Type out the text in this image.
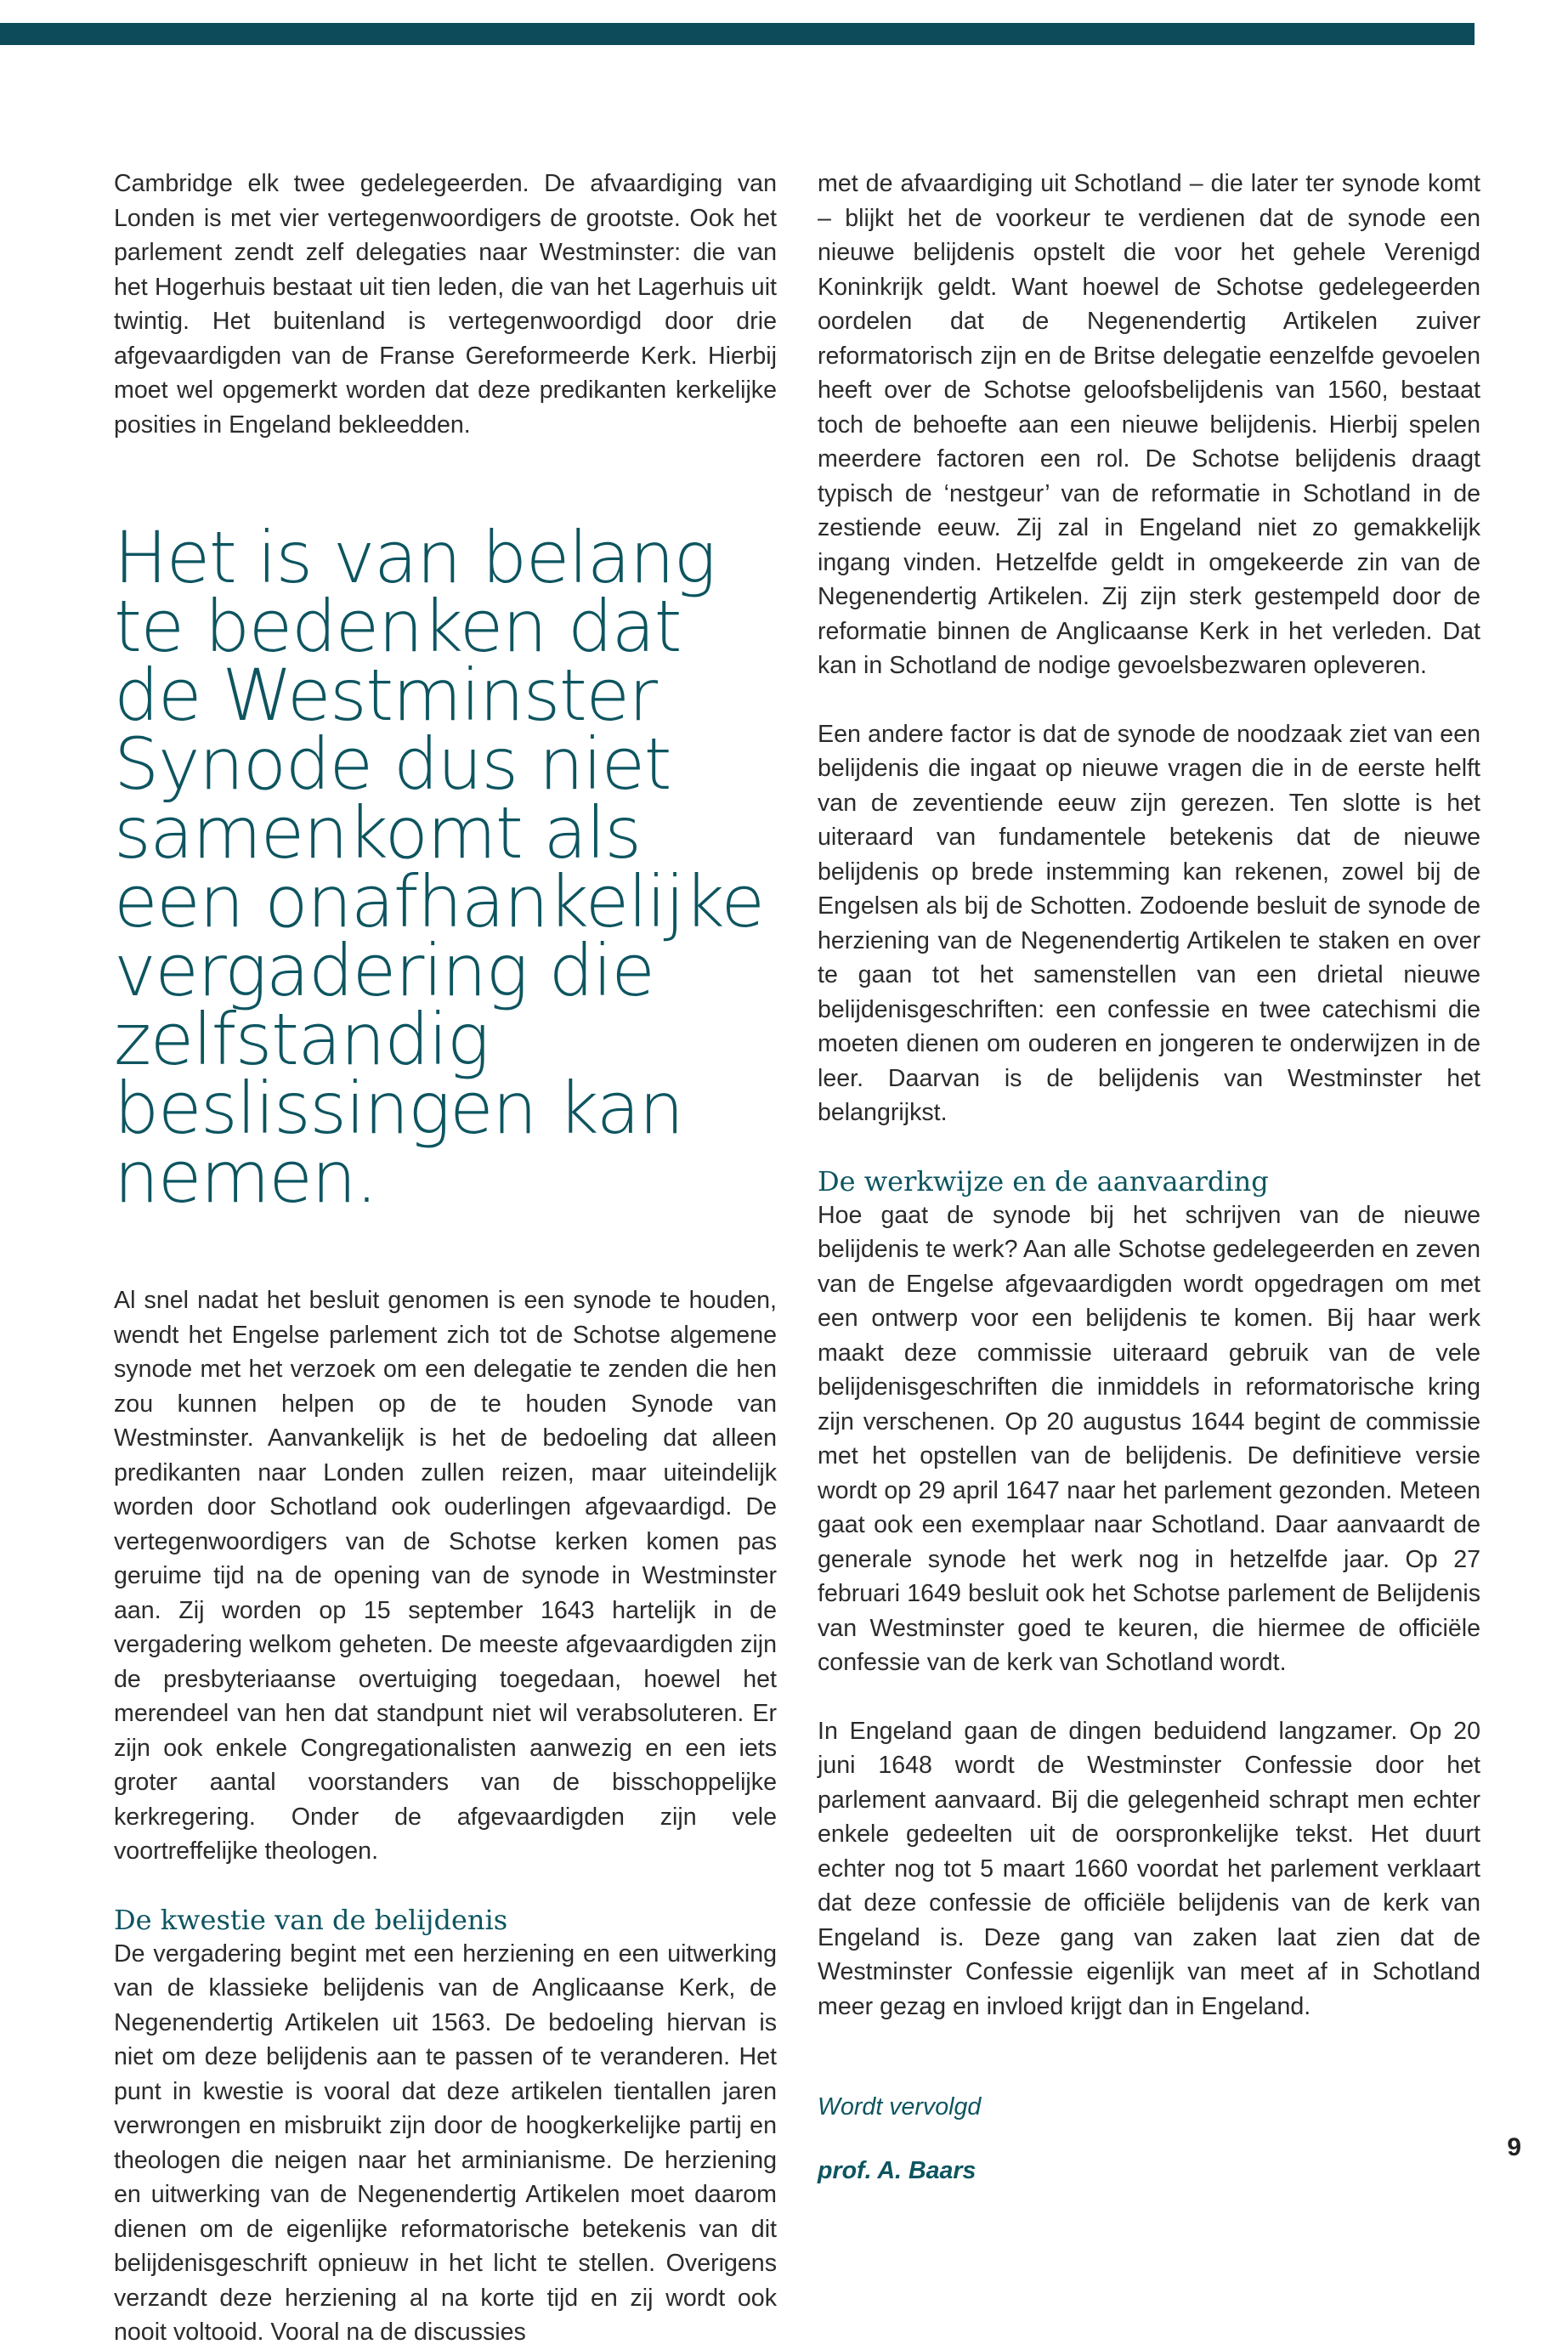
Cambridge elk twee gedelegeerden. De afvaardiging van Londen is met vier vertegenwoordigers de grootste. Ook het parlement zendt zelf delegaties naar Westminster: die van het Hogerhuis bestaat uit tien leden, die van het Lagerhuis uit twintig. Het buitenland is vertegenwoordigd door drie afgevaardigden van de Franse Gereformeerde Kerk. Hierbij moet wel opgemerkt worden dat deze predikanten kerkelijke posities in Engeland bekleedden.

Het is van belang te bedenken dat de Westminster Synode dus niet samenkomt als een onafhankelijke vergadering die zelfstandig beslissingen kan nemen.

Al snel nadat het besluit genomen is een synode te houden, wendt het Engelse parlement zich tot de Schotse algemene synode met het verzoek om een delegatie te zenden die hen zou kunnen helpen op de te houden Synode van Westminster. Aanvankelijk is het de bedoeling dat alleen predikanten naar Londen zullen reizen, maar uiteindelijk worden door Schotland ook ouderlingen afgevaardigd. De vertegenwoordigers van de Schotse kerken komen pas geruime tijd na de opening van de synode in Westminster aan. Zij worden op 15 september 1643 hartelijk in de vergadering welkom geheten. De meeste afgevaardigden zijn de presbyteriaanse overtuiging toegedaan, hoewel het merendeel van hen dat standpunt niet wil verabsoluteren. Er zijn ook enkele Congregationalisten aanwezig en een iets groter aantal voorstanders van de bisschoppelijke kerkregering. Onder de afgevaardigden zijn vele voortreffelijke theologen.

De kwestie van de belijdenis

De vergadering begint met een herziening en een uitwerking van de klassieke belijdenis van de Anglicaanse Kerk, de Negenendertig Artikelen uit 1563. De bedoeling hiervan is niet om deze belijdenis aan te passen of te veranderen. Het punt in kwestie is vooral dat deze artikelen tientallen jaren verwrongen en misbruikt zijn door de hoogkerkelijke partij en theologen die neigen naar het arminianisme. De herziening en uitwerking van de Negenendertig Artikelen moet daarom dienen om de eigenlijke reformatorische betekenis van dit belijdenisgeschrift opnieuw in het licht te stellen. Overigens verzandt deze herziening al na korte tijd en zij wordt ook nooit voltooid. Vooral na de discussies

met de afvaardiging uit Schotland – die later ter synode komt – blijkt het de voorkeur te verdienen dat de synode een nieuwe belijdenis opstelt die voor het gehele Verenigd Koninkrijk geldt. Want hoewel de Schotse gedelegeerden oordelen dat de Negenendertig Artikelen zuiver reformatorisch zijn en de Britse delegatie eenzelfde gevoelen heeft over de Schotse geloofsbelijdenis van 1560, bestaat toch de behoefte aan een nieuwe belijdenis. Hierbij spelen meerdere factoren een rol. De Schotse belijdenis draagt typisch de ‘nestgeur’ van de reformatie in Schotland in de zestiende eeuw. Zij zal in Engeland niet zo gemakkelijk ingang vinden. Hetzelfde geldt in omgekeerde zin van de Negenendertig Artikelen. Zij zijn sterk gestempeld door de reformatie binnen de Anglicaanse Kerk in het verleden. Dat kan in Schotland de nodige gevoelsbezwaren opleveren.

Een andere factor is dat de synode de noodzaak ziet van een belijdenis die ingaat op nieuwe vragen die in de eerste helft van de zeventiende eeuw zijn gerezen. Ten slotte is het uiteraard van fundamentele betekenis dat de nieuwe belijdenis op brede instemming kan rekenen, zowel bij de Engelsen als bij de Schotten. Zodoende besluit de synode de herziening van de Negenendertig Artikelen te staken en over te gaan tot het samenstellen van een drietal nieuwe belijdenisgeschriften: een confessie en twee catechismi die moeten dienen om ouderen en jongeren te onderwijzen in de leer. Daarvan is de belijdenis van Westminster het belangrijkst.

De werkwijze en de aanvaarding

Hoe gaat de synode bij het schrijven van de nieuwe belijdenis te werk? Aan alle Schotse gedelegeerden en zeven van de Engelse afgevaardigden wordt opgedragen om met een ontwerp voor een belijdenis te komen. Bij haar werk maakt deze commissie uiteraard gebruik van de vele belijdenisgeschriften die inmiddels in reformatorische kring zijn verschenen. Op 20 augustus 1644 begint de commissie met het opstellen van de belijdenis. De definitieve versie wordt op 29 april 1647 naar het parlement gezonden. Meteen gaat ook een exemplaar naar Schotland. Daar aanvaardt de generale synode het werk nog in hetzelfde jaar. Op 27 februari 1649 besluit ook het Schotse parlement de Belijdenis van Westminster goed te keuren, die hiermee de officiële confessie van de kerk van Schotland wordt.

In Engeland gaan de dingen beduidend langzamer. Op 20 juni 1648 wordt de Westminster Confessie door het parlement aanvaard. Bij die gelegenheid schrapt men echter enkele gedeelten uit de oorspronkelijke tekst. Het duurt echter nog tot 5 maart 1660 voordat het parlement verklaart dat deze confessie de officiële belijdenis van de kerk van Engeland is. Deze gang van zaken laat zien dat de Westminster Confessie eigenlijk van meet af in Schotland meer gezag en invloed krijgt dan in Engeland.

Wordt vervolgd

prof. A. Baars

9
